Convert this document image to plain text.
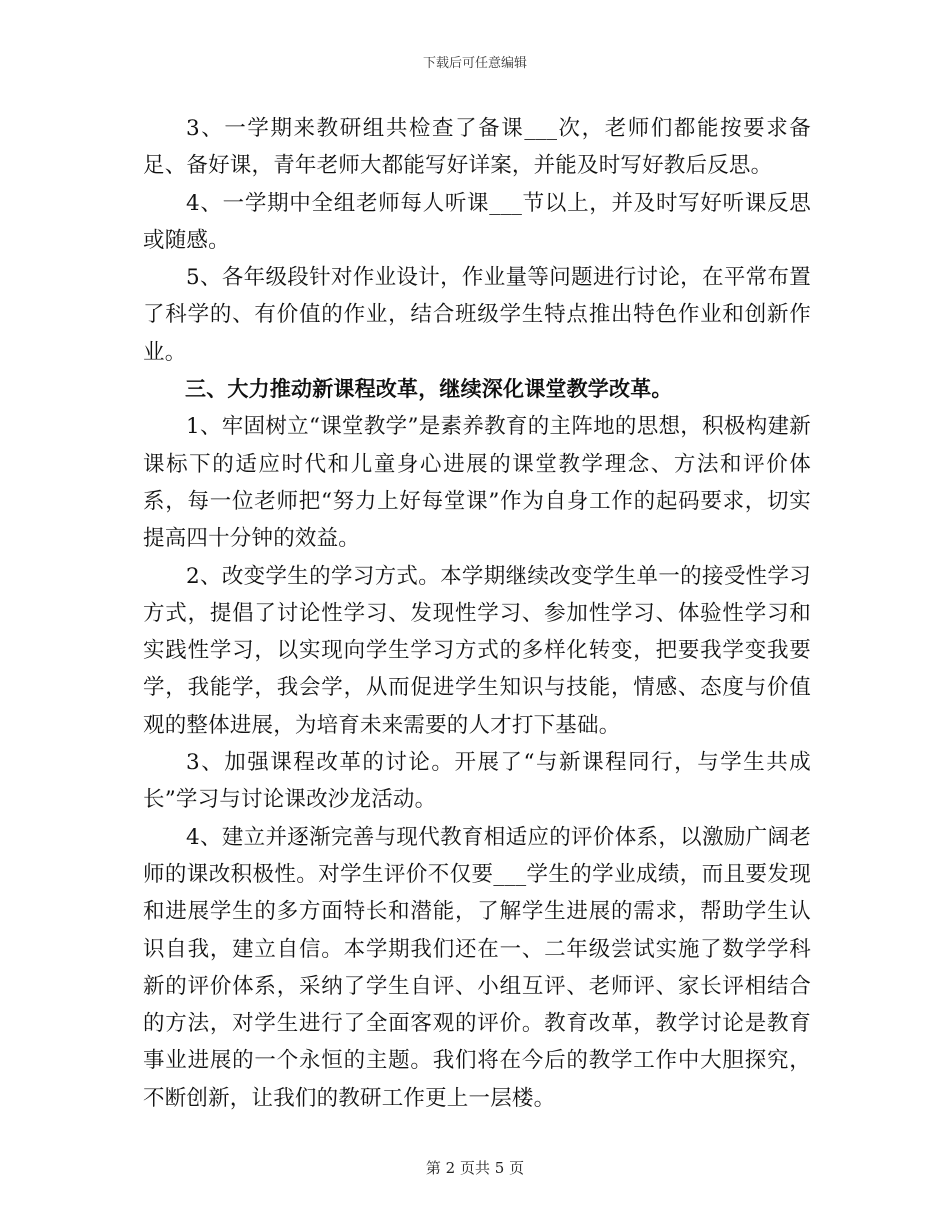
下载后可任意编辑

3、一学期来教研组共检查了备课___次，老师们都能按要求备足、备好课，青年老师大都能写好详案，并能及时写好教后反思。

4、一学期中全组老师每人听课___节以上，并及时写好听课反思或随感。

5、各年级段针对作业设计，作业量等问题进行讨论，在平常布置了科学的、有价值的作业，结合班级学生特点推出特色作业和创新作业。

三、大力推动新课程改革，继续深化课堂教学改革。

1、牢固树立“课堂教学”是素养教育的主阵地的思想，积极构建新课标下的适应时代和儿童身心进展的课堂教学理念、方法和评价体系，每一位老师把“努力上好每堂课”作为自身工作的起码要求，切实提高四十分钟的效益。

2、改变学生的学习方式。本学期继续改变学生单一的接受性学习方式，提倡了讨论性学习、发现性学习、参加性学习、体验性学习和实践性学习，以实现向学生学习方式的多样化转变，把要我学变我要学，我能学，我会学，从而促进学生知识与技能，情感、态度与价值观的整体进展，为培育未来需要的人才打下基础。

3、加强课程改革的讨论。开展了“与新课程同行，与学生共成长”学习与讨论课改沙龙活动。

4、建立并逐渐完善与现代教育相适应的评价体系，以激励广阔老师的课改积极性。对学生评价不仅要___学生的学业成绩，而且要发现和进展学生的多方面特长和潜能，了解学生进展的需求，帮助学生认识自我，建立自信。本学期我们还在一、二年级尝试实施了数学学科新的评价体系，采纳了学生自评、小组互评、老师评、家长评相结合的方法，对学生进行了全面客观的评价。教育改革，教学讨论是教育事业进展的一个永恒的主题。我们将在今后的教学工作中大胆探究，不断创新，让我们的教研工作更上一层楼。

第 2 页共 5 页
